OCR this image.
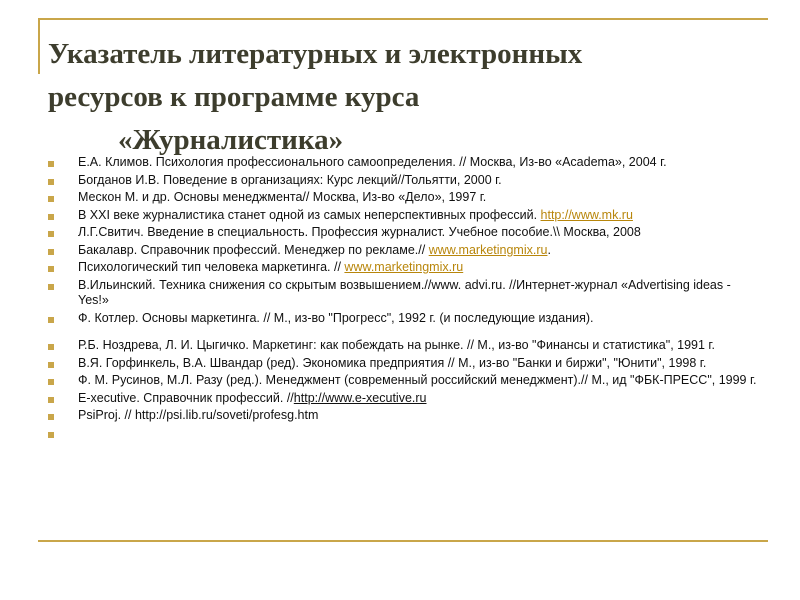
Указатель литературных и электронных
ресурсов к программе курса
«Журналистика»
Е.А. Климов. Психология профессионального самоопределения. // Москва, Из-во «Academa», 2004 г.
Богданов И.В. Поведение в организациях: Курс лекций//Тольятти, 2000 г.
Мескон М. и др. Основы менеджмента// Москва, Из-во «Дело», 1997 г.
В XXI веке журналистика станет одной из самых неперспективных профессий. http://www.mk.ru
Л.Г.Свитич. Введение в специальность. Профессия журналист. Учебное пособие.\\ Москва, 2008
Бакалавр. Справочник профессий. Менеджер по рекламе.// www.marketingmix.ru.
Психологический тип человека маркетинга. // www.marketingmix.ru
В.Ильинский. Техника снижения со скрытым возвышением.//www. advi.ru. //Интернет-журнал «Advertising ideas - Yes!»
Ф. Котлер. Основы маркетинга. // М., из-во "Прогресс", 1992 г. (и последующие издания).
Р.Б. Ноздрева, Л. И. Цыгичко. Маркетинг: как побеждать на рынке. // М., из-во "Финансы и статистика", 1991 г.
В.Я. Горфинкель, В.А. Швандар (ред). Экономика предприятия // М., из-во "Банки и биржи", "Юнити", 1998 г.
Ф. М. Русинов, М.Л. Разу (ред.). Менеджмент (современный российский менеджмент).// М., ид "ФБК-ПРЕСС", 1999 г.
E-xecutive. Справочник профессий. //http://www.e-xecutive.ru
PsiProj. // http://psi.lib.ru/soveti/profesg.htm
